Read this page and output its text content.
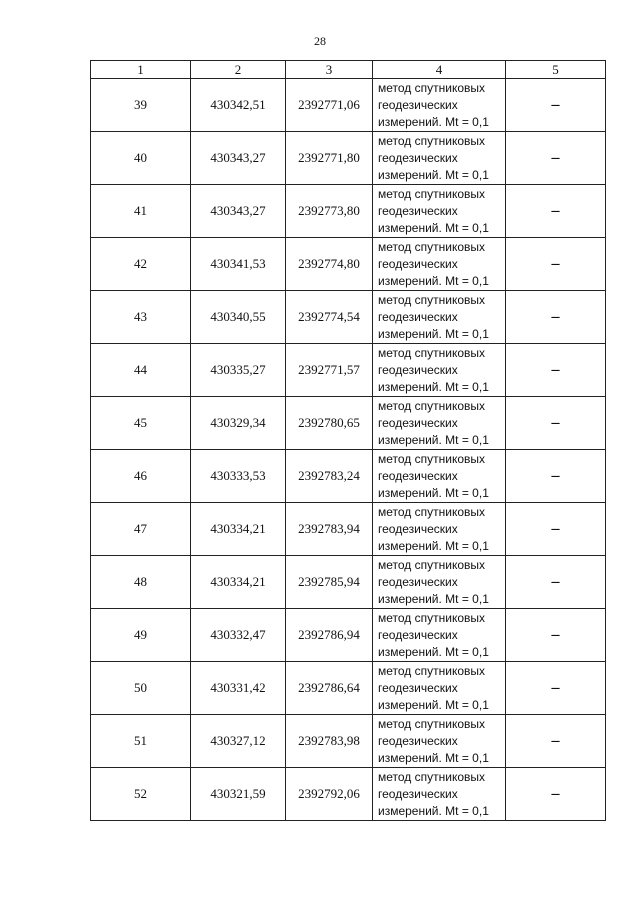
28
1	2	3	4	5
39	430342,51	2392771,06	метод спутниковых
геодезических
измерений. Mt = 0,1	–
40	430343,27	2392771,80	метод спутниковых
геодезических
измерений. Mt = 0,1	–
41	430343,27	2392773,80	метод спутниковых
геодезических
измерений. Mt = 0,1	–
42	430341,53	2392774,80	метод спутниковых
геодезических
измерений. Mt = 0,1	–
43	430340,55	2392774,54	метод спутниковых
геодезических
измерений. Mt = 0,1	–
44	430335,27	2392771,57	метод спутниковых
геодезических
измерений. Mt = 0,1	–
45	430329,34	2392780,65	метод спутниковых
геодезических
измерений. Mt = 0,1	–
46	430333,53	2392783,24	метод спутниковых
геодезических
измерений. Mt = 0,1	–
47	430334,21	2392783,94	метод спутниковых
геодезических
измерений. Mt = 0,1	–
48	430334,21	2392785,94	метод спутниковых
геодезических
измерений. Mt = 0,1	–
49	430332,47	2392786,94	метод спутниковых
геодезических
измерений. Mt = 0,1	–
50	430331,42	2392786,64	метод спутниковых
геодезических
измерений. Mt = 0,1	–
51	430327,12	2392783,98	метод спутниковых
геодезических
измерений. Mt = 0,1	–
52	430321,59	2392792,06	метод спутниковых
геодезических
измерений. Mt = 0,1	–
